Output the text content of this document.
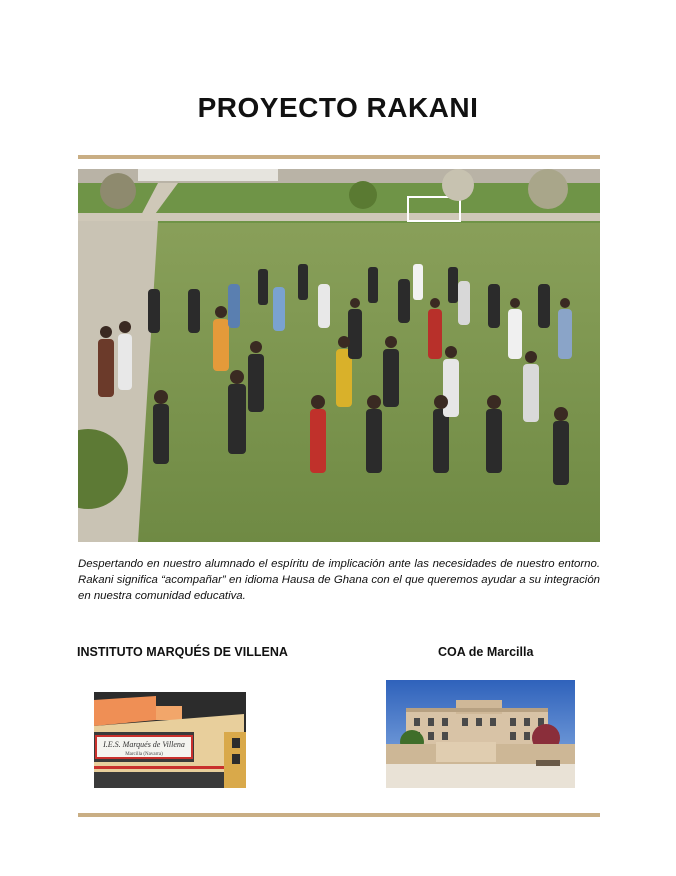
PROYECTO RAKANI
Despertando en nuestro alumnado el espíritu de implicación ante las necesidades de nuestro entorno. Rakani significa “acompañar” en idioma Hausa de Ghana con el que queremos ayudar a su integración en nuestra comunidad educativa.
INSTITUTO MARQUÉS DE VILLENA	COA de Marcilla
I.E.S. Marqués de Villena
Marcilla (Navarra)
